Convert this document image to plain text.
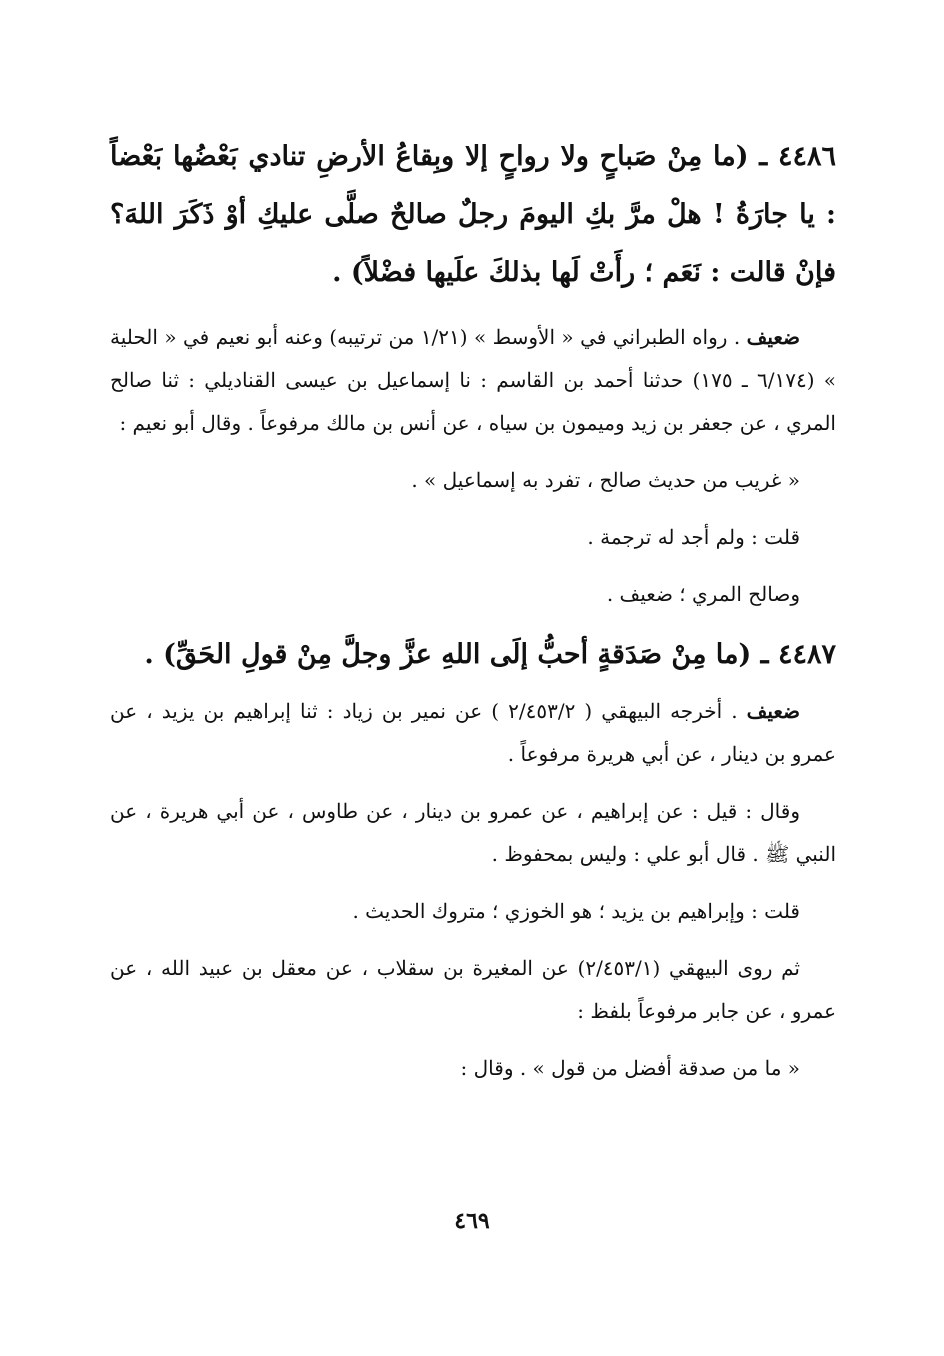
٤٤٨٦ ـ (ما مِنْ صَباحٍ ولا رواحٍ إلا وبِقاعُ الأرضِ تنادي بَعْضُها بَعْضاً : يا جارَةُ ! هلْ مرَّ بكِ اليومَ رجلٌ صالحٌ صلَّى عليكِ أوْ ذَكَرَ اللهَ؟ فإنْ قالت : نَعَم ؛ رأَتْ لَها بذلكَ علَيها فضْلاً) .

ضعيف . رواه الطبراني في « الأوسط » (١/٢١ من ترتيبه) وعنه أبو نعيم في « الحلية » (٦/١٧٤ ـ ١٧٥) حدثنا أحمد بن القاسم : نا إسماعيل بن عيسى القناديلي : ثنا صالح المري ، عن جعفر بن زيد وميمون بن سياه ، عن أنس بن مالك مرفوعاً . وقال أبو نعيم :

« غريب من حديث صالح ، تفرد به إسماعيل » .

قلت : ولم أجد له ترجمة .

وصالح المري ؛ ضعيف .

٤٤٨٧ ـ (ما مِنْ صَدَقةٍ أحبُّ إلَى اللهِ عزَّ وجلَّ مِنْ قولِ الحَقِّ) .

ضعيف . أخرجه البيهقي ( ٢/٤٥٣/٢ ) عن نمير بن زياد : ثنا إبراهيم بن يزيد ، عن عمرو بن دينار ، عن أبي هريرة مرفوعاً .

وقال : قيل : عن إبراهيم ، عن عمرو بن دينار ، عن طاوس ، عن أبي هريرة ، عن النبي ﷺ . قال أبو علي : وليس بمحفوظ .

قلت : وإبراهيم بن يزيد ؛ هو الخوزي ؛ متروك الحديث .

ثم روى البيهقي (٢/٤٥٣/١) عن المغيرة بن سقلاب ، عن معقل بن عبيد الله ، عن عمرو ، عن جابر مرفوعاً بلفظ :

« ما من صدقة أفضل من قول » . وقال :

٤٦٩
